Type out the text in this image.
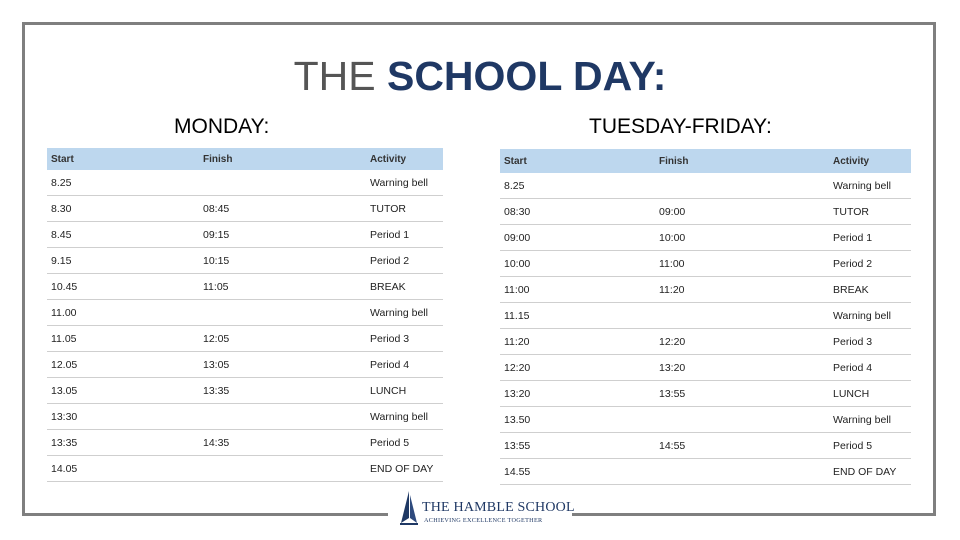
THE SCHOOL DAY:
MONDAY:	TUESDAY-FRIDAY:
Start	Finish	Activity
8.25		Warning bell
8.30	08:45	TUTOR
8.45	09:15	Period 1
9.15	10:15	Period 2
10.45	11:05	BREAK
11.00		Warning bell
11.05	12:05	Period 3
12.05	13:05	Period 4
13.05	13:35	LUNCH
13:30		Warning bell
13:35	14:35	Period 5
14.05		END OF DAY
Start	Finish	Activity
8.25		Warning bell
08:30	09:00	TUTOR
09:00	10:00	Period 1
10:00	11:00	Period 2
11:00	11:20	BREAK
11.15		Warning bell
11:20	12:20	Period 3
12:20	13:20	Period 4
13:20	13:55	LUNCH
13.50		Warning bell
13:55	14:55	Period 5
14.55		END OF DAY
THE HAMBLE SCHOOL
ACHIEVING EXCELLENCE TOGETHER
